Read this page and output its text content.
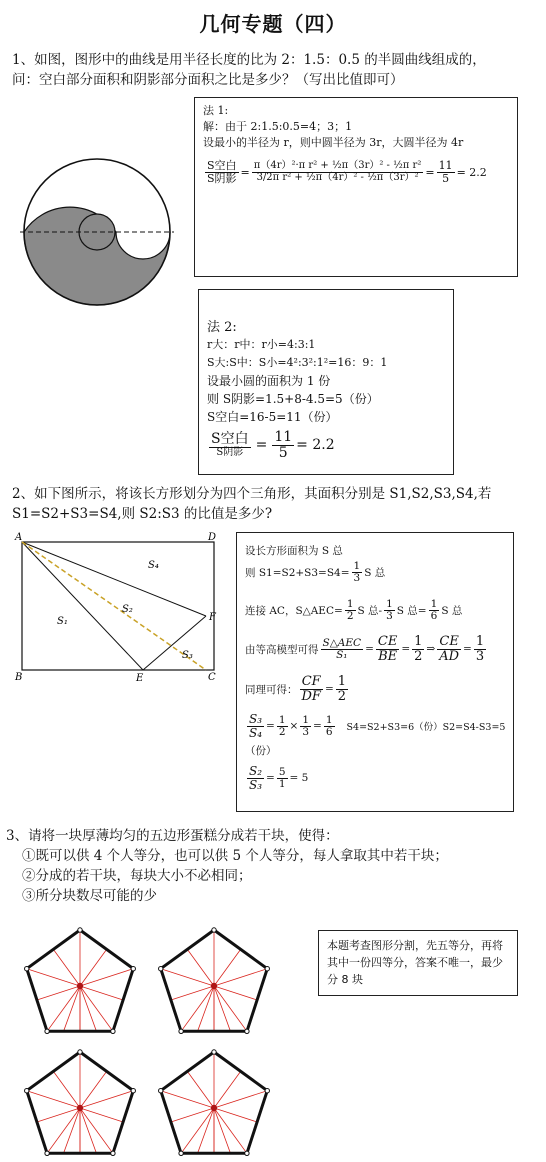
几何专题（四）
1、如图，图形中的曲线是用半径长度的比为 2：1.5：0.5 的半圆曲线组成的，
问：空白部分面积和阴影部分面积之比是多少？（写出比值即可）
法 1:
解：由于 2:1.5:0.5=4；3；1
设最小的半径为 r，则中圆半径为 3r，大圆半径为 4r
$\frac{\text{S空白}}{\text{S阴影}} = \frac{\text{π（4r）²·π r² + ½π（3r）² - ½π r²}}{\text{3/2π r² + ½π（4r）² - ½π（3r）²}} = \frac{11}{5} = 2.2$
法 2:
r大：r中：r小=4:3:1
S大:S中：S小=4²:3²:1²=16：9：1
设最小圆的面积为 1 份
则 S阴影=1.5+8-4.5=5（份）
S空白=16-5=11（份）
$\frac{\text{S空白}}{\text{S阴影}} = \frac{11}{5} = 2.2$
2、如下图所示，将该长方形划分为四个三角形，其面积分别是 S1,S2,S3,S4,若
S1=S2+S3=S4,则 S2:S3 的比值是多少?
A	D
B	C
E
F
S₁
S₂
S₃
S₄
设长方形面积为 S 总
则 $S1=S2+S3=S4= \frac{1}{3}$ S 总
连接 AC，S△AEC= $\frac{1}{2}$ S 总- $\frac{1}{3}$ S 总= $\frac{1}{6}$ S 总
由等高模型可得 $\frac{\text{S△AEC}}{\text{S₁}} = \frac{CE}{BE} = \frac{1}{2}$ ⇒ $\frac{CE}{AD} = \frac{1}{3}$
同理可得： $\frac{CF}{DF} = \frac{1}{2}$
$\frac{\text{S₃}}{\text{S₄}} = \frac{1}{2} \times \frac{1}{3} = \frac{1}{6} S4=S2+S3=6$（份）S2=S4-S3=5
（份）
$\frac{\text{S₂}}{\text{S₃}} = \frac{5}{1} = 5$
3、请将一块厚薄均匀的五边形蛋糕分成若干块，使得：
①既可以供 4 个人等分，也可以供 5 个人等分，每人拿取其中若干块；
②分成的若干块，每块大小不必相同；
③所分块数尽可能的少
本题考查图形分割，先五等分，再将其中一份四等分，答案不唯一，最少分 8 块
